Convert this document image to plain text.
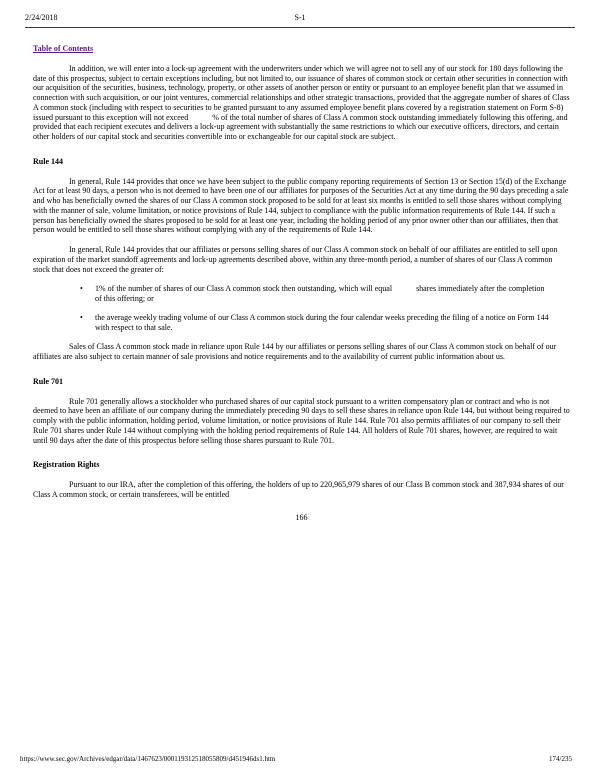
2/24/2018	S-1
Table of Contents

In addition, we will enter into a lock-up agreement with the underwriters under which we will agree not to sell any of our stock for 180 days following the date of this prospectus, subject to certain exceptions including, but not limited to, our issuance of shares of common stock or certain other securities in connection with our acquisition of the securities, business, technology, property, or other assets of another person or entity or pursuant to an employee benefit plan that we assumed in connection with such acquisition, or our joint ventures, commercial relationships and other strategic transactions, provided that the aggregate number of shares of Class A common stock (including with respect to securities to be granted pursuant to any assumed employee benefit plans covered by a registration statement on Form S-8) issued pursuant to this exception will not exceed            % of the total number of shares of Class A common stock outstanding immediately following this offering, and provided that each recipient executes and delivers a lock-up agreement with substantially the same restrictions to which our executive officers, directors, and certain other holders of our capital stock and securities convertible into or exchangeable for our capital stock are subject.

Rule 144

In general, Rule 144 provides that once we have been subject to the public company reporting requirements of Section 13 or Section 15(d) of the Exchange Act for at least 90 days, a person who is not deemed to have been one of our affiliates for purposes of the Securities Act at any time during the 90 days preceding a sale and who has beneficially owned the shares of our Class A common stock proposed to be sold for at least six months is entitled to sell those shares without complying with the manner of sale, volume limitation, or notice provisions of Rule 144, subject to compliance with the public information requirements of Rule 144. If such a person has beneficially owned the shares proposed to be sold for at least one year, including the holding period of any prior owner other than our affiliates, then that person would be entitled to sell those shares without complying with any of the requirements of Rule 144.

In general, Rule 144 provides that our affiliates or persons selling shares of our Class A common stock on behalf of our affiliates are entitled to sell upon expiration of the market standoff agreements and lock-up agreements described above, within any three-month period, a number of shares of our Class A common stock that does not exceed the greater of:

• 1% of the number of shares of our Class A common stock then outstanding, which will equal            shares immediately after the completion of this offering; or
• the average weekly trading volume of our Class A common stock during the four calendar weeks preceding the filing of a notice on Form 144 with respect to that sale.

Sales of Class A common stock made in reliance upon Rule 144 by our affiliates or persons selling shares of our Class A common stock on behalf of our affiliates are also subject to certain manner of sale provisions and notice requirements and to the availability of current public information about us.

Rule 701

Rule 701 generally allows a stockholder who purchased shares of our capital stock pursuant to a written compensatory plan or contract and who is not deemed to have been an affiliate of our company during the immediately preceding 90 days to sell these shares in reliance upon Rule 144, but without being required to comply with the public information, holding period, volume limitation, or notice provisions of Rule 144. Rule 701 also permits affiliates of our company to sell their Rule 701 shares under Rule 144 without complying with the holding period requirements of Rule 144. All holders of Rule 701 shares, however, are required to wait until 90 days after the date of this prospectus before selling those shares pursuant to Rule 701.

Registration Rights

Pursuant to our IRA, after the completion of this offering, the holders of up to 220,965,979 shares of our Class B common stock and 387,934 shares of our Class A common stock, or certain transferees, will be entitled

166
https://www.sec.gov/Archives/edgar/data/1467623/000119312518055809/d451946ds1.htm	174/235
